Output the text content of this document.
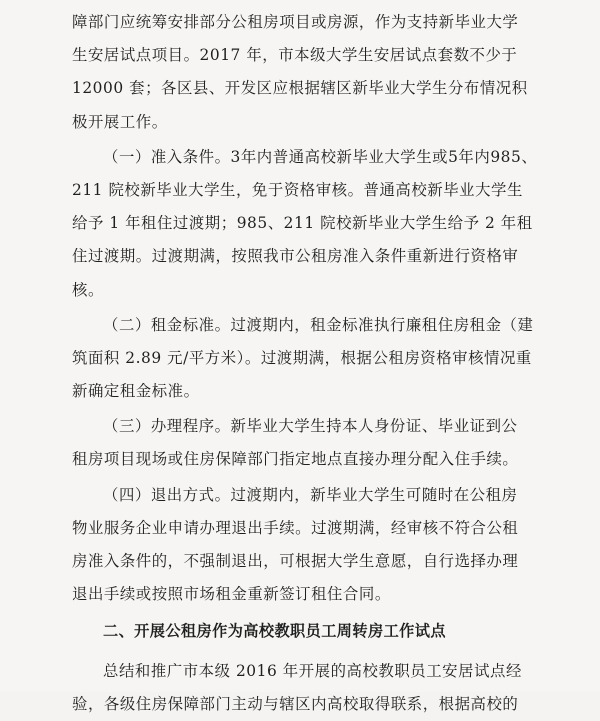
障部门应统筹安排部分公租房项目或房源，作为支持新毕业大学
生安居试点项目。2017 年，市本级大学生安居试点套数不少于
12000 套；各区县、开发区应根据辖区新毕业大学生分布情况积
极开展工作。
（一）准入条件。3年内普通高校新毕业大学生或5年内985、
211 院校新毕业大学生，免于资格审核。普通高校新毕业大学生
给予 1 年租住过渡期；985、211 院校新毕业大学生给予 2 年租
住过渡期。过渡期满，按照我市公租房准入条件重新进行资格审
核。
（二）租金标准。过渡期内，租金标准执行廉租住房租金（建
筑面积 2.89 元/平方米）。过渡期满，根据公租房资格审核情况重
新确定租金标准。
（三）办理程序。新毕业大学生持本人身份证、毕业证到公
租房项目现场或住房保障部门指定地点直接办理分配入住手续。
（四）退出方式。过渡期内，新毕业大学生可随时在公租房
物业服务企业申请办理退出手续。过渡期满，经审核不符合公租
房准入条件的，不强制退出，可根据大学生意愿，自行选择办理
退出手续或按照市场租金重新签订租住合同。
二、开展公租房作为高校教职员工周转房工作试点
总结和推广市本级 2016 年开展的高校教职员工安居试点经
验，各级住房保障部门主动与辖区内高校取得联系，根据高校的
